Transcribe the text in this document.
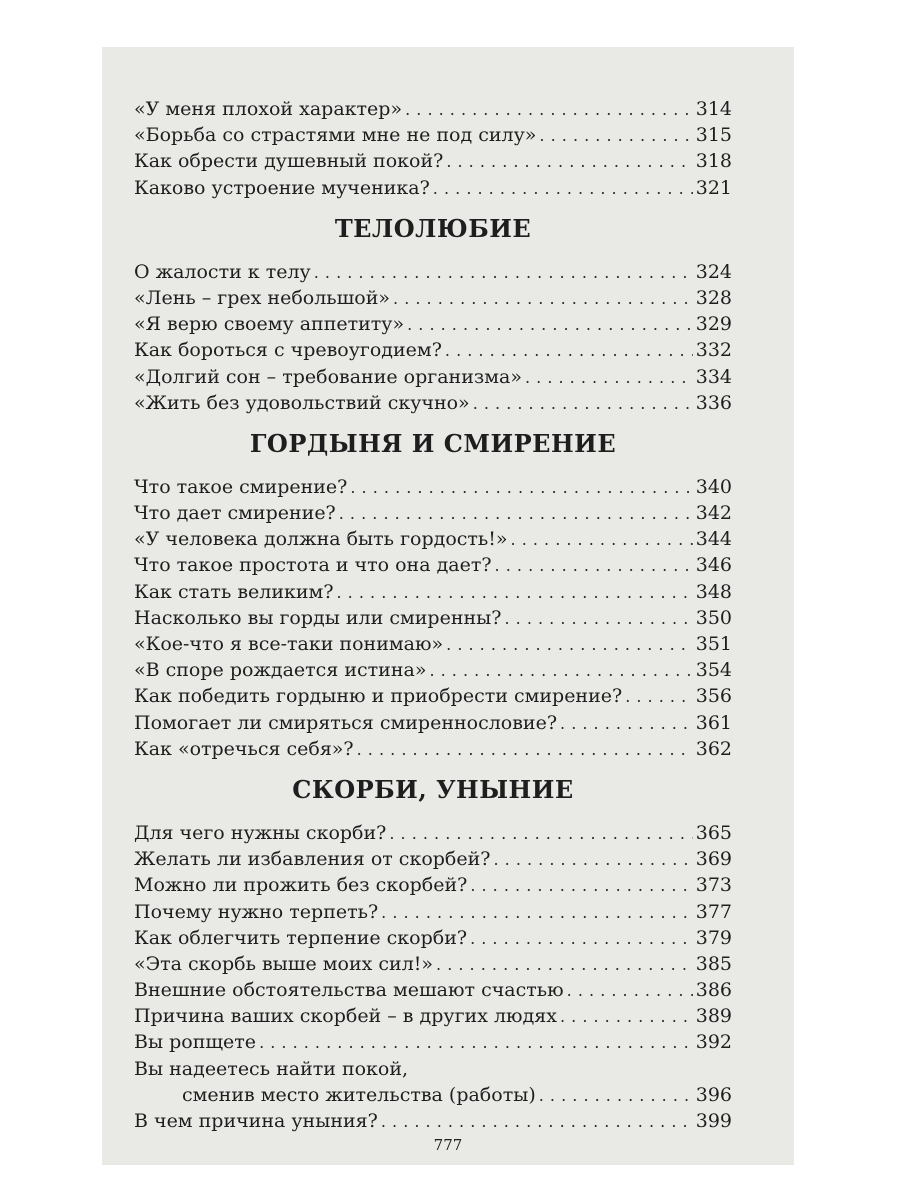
«У меня плохой характер» . . .	314
«Борьба со страстями мне не под силу» . . .	315
Как обрести душевный покой? . . .	318
Каково устроение мученика? . . .	321
ТЕЛОЛЮБИЕ
О жалости к телу . . .	324
«Лень – грех небольшой» . . .	328
«Я верю своему аппетиту» . . .	329
Как бороться с чревоугодием? . . .	332
«Долгий сон – требование организма» . . .	334
«Жить без удовольствий скучно» . . .	336
ГОРДЫНЯ И СМИРЕНИЕ
Что такое смирение? . . .	340
Что дает смирение? . . .	342
«У человека должна быть гордость!» . . .	344
Что такое простота и что она дает? . . .	346
Как стать великим? . . .	348
Насколько вы горды или смиренны? . . .	350
«Кое-что я все-таки понимаю» . . .	351
«В споре рождается истина» . . .	354
Как победить гордыню и приобрести смирение? . . .	356
Помогает ли смиряться смиреннословие? . . .	361
Как «отречься себя»? . . .	362
СКОРБИ, УНЫНИЕ
Для чего нужны скорби? . . .	365
Желать ли избавления от скорбей? . . .	369
Можно ли прожить без скорбей? . . .	373
Почему нужно терпеть? . . .	377
Как облегчить терпение скорби? . . .	379
«Эта скорбь выше моих сил!» . . .	385
Внешние обстоятельства мешают счастью . . .	386
Причина ваших скорбей – в других людях . . .	389
Вы ропщете . . .	392
Вы надеетесь найти покой,
сменив место жительства (работы) . . .	396
В чем причина уныния? . . .	399
777
